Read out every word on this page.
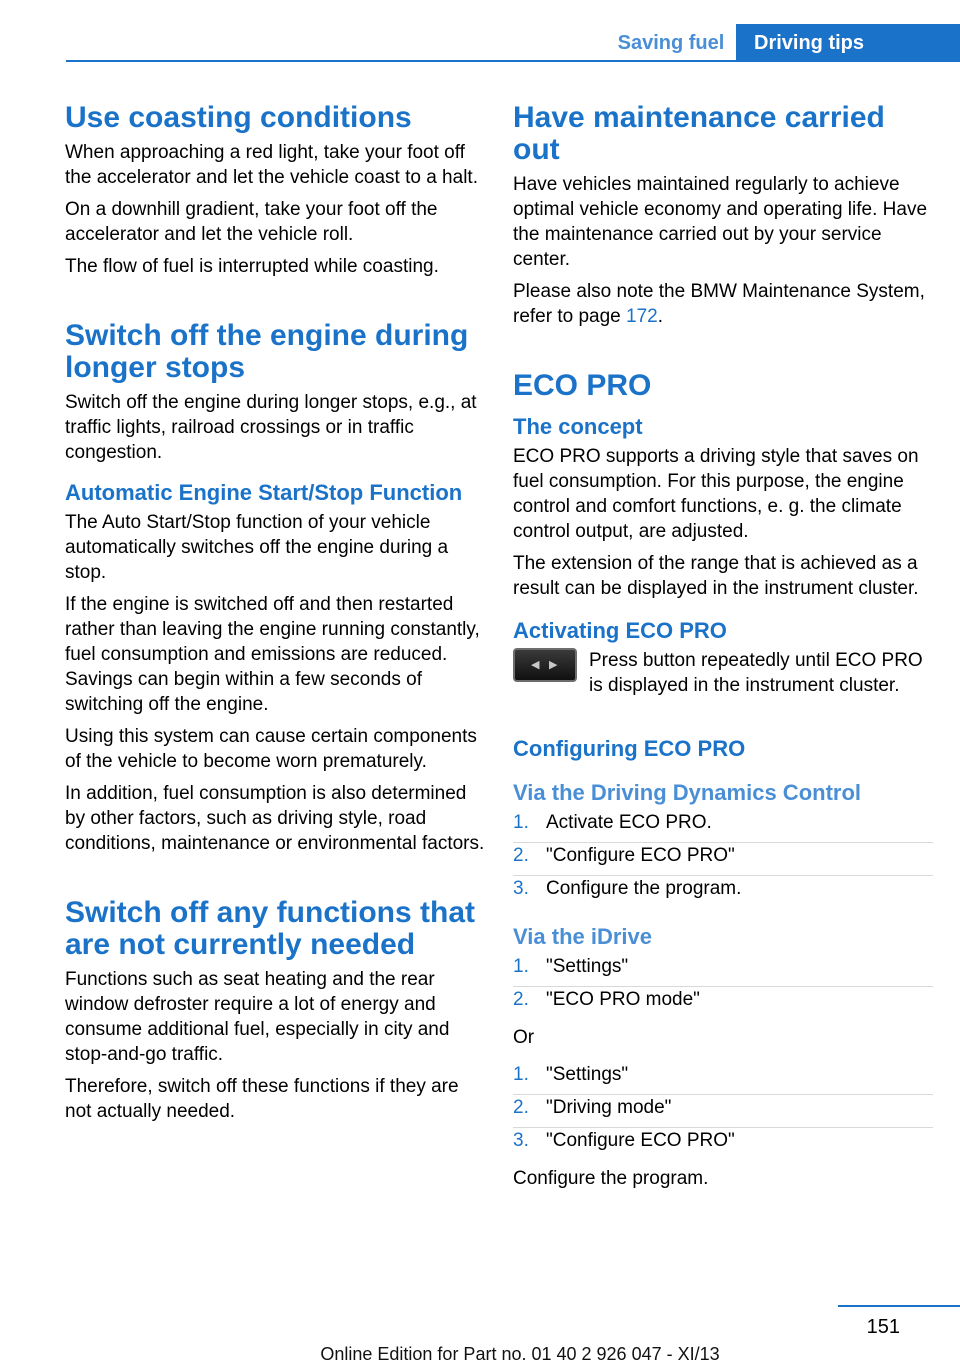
Saving fuel	Driving tips
Use coasting conditions

When approaching a red light, take your foot off the accelerator and let the vehicle coast to a halt.

On a downhill gradient, take your foot off the accelerator and let the vehicle roll.

The flow of fuel is interrupted while coasting.

Switch off the engine during longer stops

Switch off the engine during longer stops, e.g., at traffic lights, railroad crossings or in traffic congestion.

Automatic Engine Start/Stop Function

The Auto Start/Stop function of your vehicle automatically switches off the engine during a stop.

If the engine is switched off and then restarted rather than leaving the engine running constantly, fuel consumption and emissions are reduced. Savings can begin within a few seconds of switching off the engine.

Using this system can cause certain components of the vehicle to become worn prematurely.

In addition, fuel consumption is also determined by other factors, such as driving style, road conditions, maintenance or environmental factors.

Switch off any functions that are not currently needed

Functions such as seat heating and the rear window defroster require a lot of energy and consume additional fuel, especially in city and stop-and-go traffic.

Therefore, switch off these functions if they are not actually needed.

Have maintenance carried out

Have vehicles maintained regularly to achieve optimal vehicle economy and operating life. Have the maintenance carried out by your service center.

Please also note the BMW Maintenance System, refer to page 172.

ECO PRO
The concept

ECO PRO supports a driving style that saves on fuel consumption. For this purpose, the engine control and comfort functions, e. g. the climate control output, are adjusted.

The extension of the range that is achieved as a result can be displayed in the instrument cluster.

Activating ECO PRO
◀ ▶	Press button repeatedly until ECO PRO is displayed in the instrument cluster.

Configuring ECO PRO
Via the Driving Dynamics Control
1. Activate ECO PRO.
2. "Configure ECO PRO"
3. Configure the program.
Via the iDrive
1. "Settings"
2. "ECO PRO mode"

Or

1. "Settings"
2. "Driving mode"
3. "Configure ECO PRO"

Configure the program.

151
Online Edition for Part no. 01 40 2 926 047 - XI/13
